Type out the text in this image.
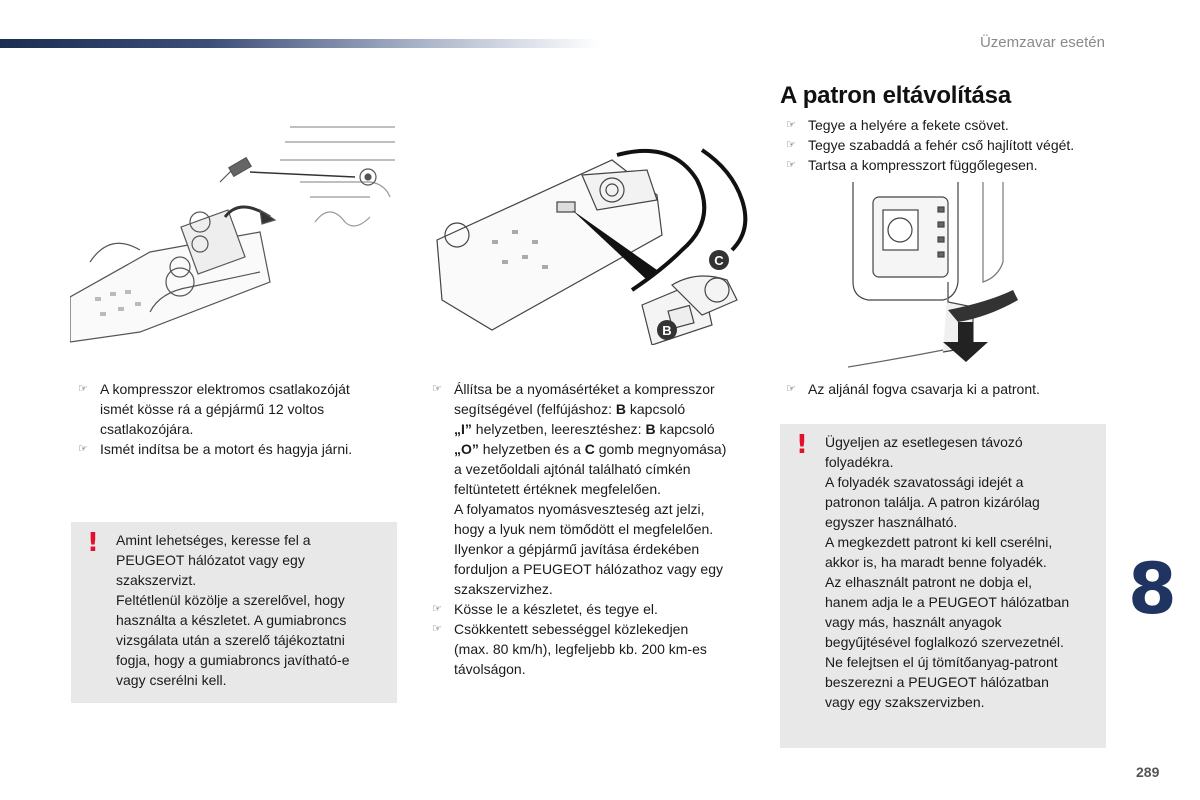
Üzemzavar esetén
C
B
A patron eltávolítása
☞ Tegye a helyére a fekete csövet.
☞ Tegye szabaddá a fehér cső hajlított végét.
☞ Tartsa a kompresszort függőlegesen.
☞ A kompresszor elektromos csatlakozóját
ismét kösse rá a gépjármű 12 voltos
csatlakozójára.
☞ Ismét indítsa be a motort és hagyja járni.
☞ Állítsa be a nyomásértéket a kompresszor
segítségével (felfújáshoz: B kapcsoló
„I” helyzetben, leeresztéshez: B kapcsoló
„O” helyzetben és a C gomb megnyomása)
a vezetőoldali ajtónál található címkén
feltüntetett értéknek megfelelően.
A folyamatos nyomásveszteség azt jelzi,
hogy a lyuk nem tömődött el megfelelően.
Ilyenkor a gépjármű javítása érdekében
forduljon a PEUGEOT hálózathoz vagy egy
szakszervizhez.
☞ Kösse le a készletet, és tegye el.
☞ Csökkentett sebességgel közlekedjen
(max. 80 km/h), legfeljebb kb. 200 km-es
távolságon.
☞ Az aljánál fogva csavarja ki a patront.
! Amint lehetséges, keresse fel a
PEUGEOT hálózatot vagy egy
szakszervizt.
Feltétlenül közölje a szerelővel, hogy
használta a készletet. A gumiabroncs
vizsgálata után a szerelő tájékoztatni
fogja, hogy a gumiabroncs javítható-e
vagy cserélni kell.
! Ügyeljen az esetlegesen távozó
folyadékra.
A folyadék szavatossági idejét a
patronon találja. A patron kizárólag
egyszer használható.
A megkezdett patront ki kell cserélni,
akkor is, ha maradt benne folyadék.
Az elhasznált patront ne dobja el,
hanem adja le a PEUGEOT hálózatban
vagy más, használt anyagok
begyűjtésével foglalkozó szervezetnél.
Ne felejtsen el új tömítőanyag-patront
beszerezni a PEUGEOT hálózatban
vagy egy szakszervizben.
8
289
